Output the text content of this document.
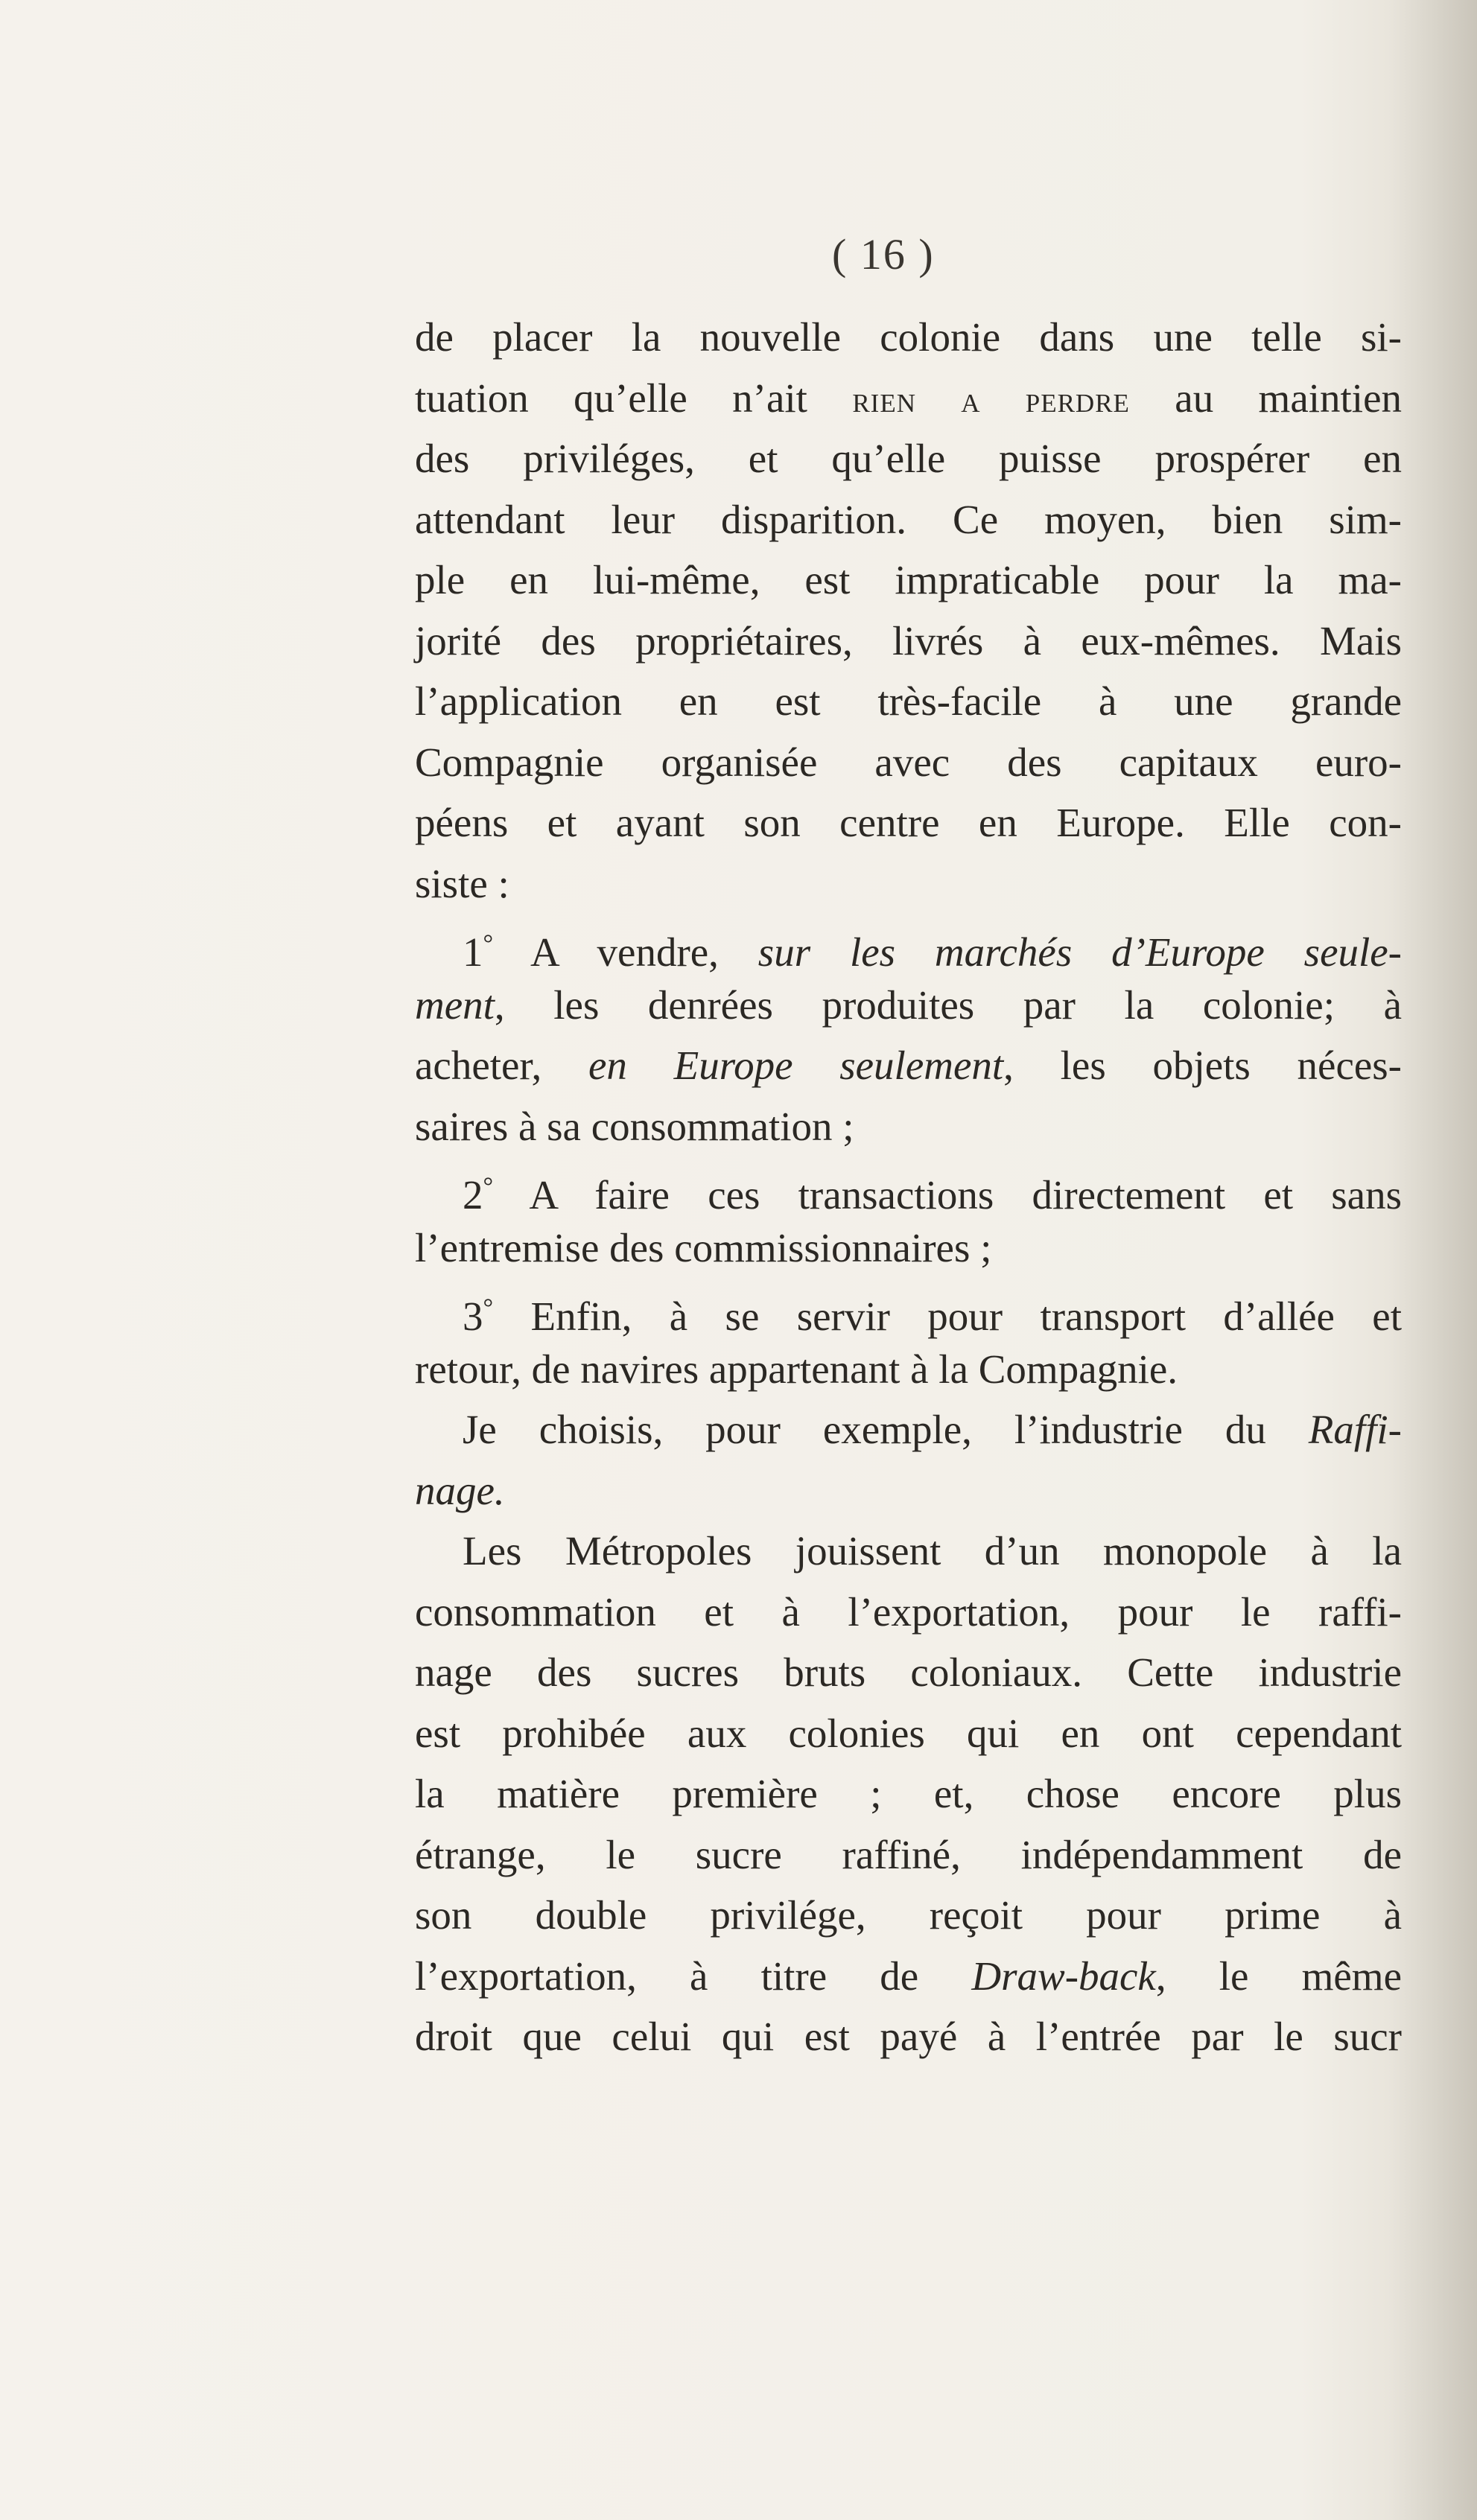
( 16 )
de placer la nouvelle colonie dans une telle si-
tuation qu’elle n’ait rien a perdre au maintien
des priviléges, et qu’elle puisse prospérer en
attendant leur disparition. Ce moyen, bien sim-
ple en lui-même, est impraticable pour la ma-
jorité des propriétaires, livrés à eux-mêmes. Mais
l’application en est très-facile à une grande
Compagnie organisée avec des capitaux euro-
péens et ayant son centre en Europe. Elle con-
siste :
1° A vendre, sur les marchés d’Europe seule-
ment, les denrées produites par la colonie; à
acheter, en Europe seulement, les objets néces-
saires à sa consommation ;
2° A faire ces transactions directement et sans
l’entremise des commissionnaires ;
3° Enfin, à se servir pour transport d’allée et
retour, de navires appartenant à la Compagnie.
Je choisis, pour exemple, l’industrie du Raffi-
nage.
Les Métropoles jouissent d’un monopole à la
consommation et à l’exportation, pour le raffi-
nage des sucres bruts coloniaux. Cette industrie
est prohibée aux colonies qui en ont cependant
la matière première ; et, chose encore plus
étrange, le sucre raffiné, indépendamment de
son double privilége, reçoit pour prime à
l’exportation, à titre de Draw-back, le même
droit que celui qui est payé à l’entrée par le sucr
